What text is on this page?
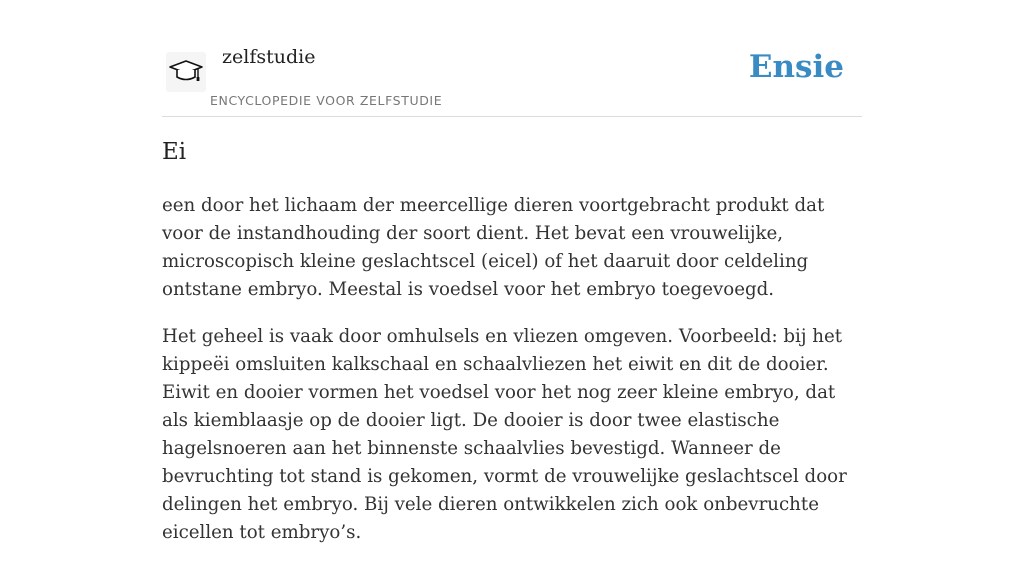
zelfstudie
ENCYCLOPEDIE VOOR ZELFSTUDIE
Ensie
Ei

een door het lichaam der meercellige dieren voortgebracht produkt dat voor de instandhouding der soort dient. Het bevat een vrouwelijke, microscopisch kleine geslachtscel (eicel) of het daaruit door celdeling ontstane embryo. Meestal is voedsel voor het embryo toegevoegd.

Het geheel is vaak door omhulsels en vliezen omgeven. Voorbeeld: bij het kippeëi omsluiten kalkschaal en schaalvliezen het eiwit en dit de dooier. Eiwit en dooier vormen het voedsel voor het nog zeer kleine embryo, dat als kiemblaasje op de dooier ligt. De dooier is door twee elastische hagelsnoeren aan het binnenste schaalvlies bevestigd. Wanneer de bevruchting tot stand is gekomen, vormt de vrouwelijke geslachtscel door delingen het embryo. Bij vele dieren ontwikkelen zich ook onbevruchte eicellen tot embryo’s.
